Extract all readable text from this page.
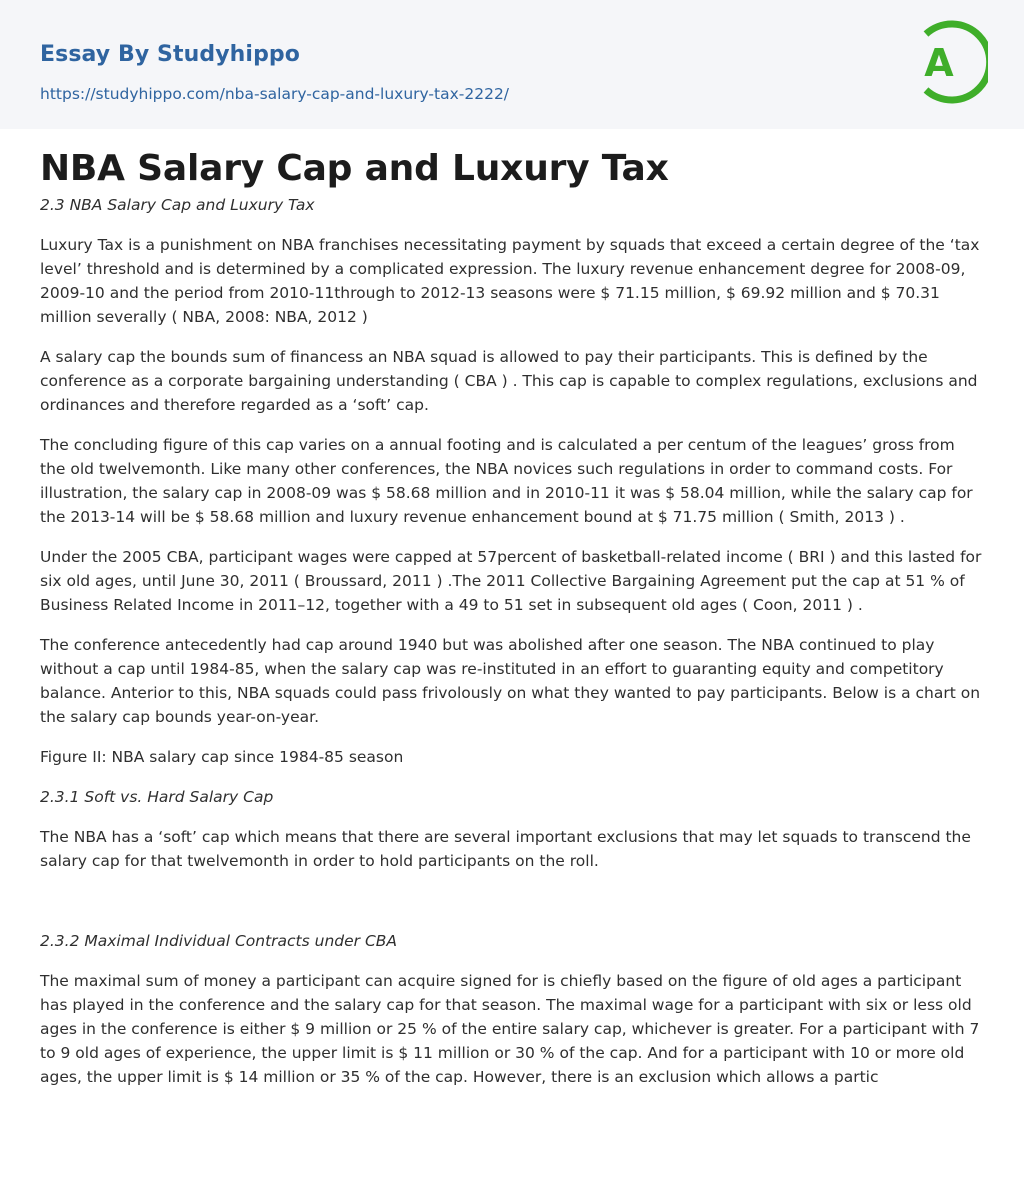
Essay By Studyhippo
https://studyhippo.com/nba-salary-cap-and-luxury-tax-2222/
A
NBA Salary Cap and Luxury Tax

2.3 NBA Salary Cap and Luxury Tax

Luxury Tax is a punishment on NBA franchises necessitating payment by squads that exceed a certain degree of the ‘tax level’ threshold and is determined by a complicated expression. The luxury revenue enhancement degree for 2008-09, 2009-10 and the period from 2010-11through to 2012-13 seasons were $ 71.15 million, $ 69.92 million and $ 70.31 million severally ( NBA, 2008: NBA, 2012 )

A salary cap the bounds sum of financess an NBA squad is allowed to pay their participants. This is defined by the conference as a corporate bargaining understanding ( CBA ) . This cap is capable to complex regulations, exclusions and ordinances and therefore regarded as a ‘soft’ cap.

The concluding figure of this cap varies on a annual footing and is calculated a per centum of the leagues’ gross from the old twelvemonth. Like many other conferences, the NBA novices such regulations in order to command costs. For illustration, the salary cap in 2008-09 was $ 58.68 million and in 2010-11 it was $ 58.04 million, while the salary cap for the 2013-14 will be $ 58.68 million and luxury revenue enhancement bound at $ 71.75 million ( Smith, 2013 ) .

Under the 2005 CBA, participant wages were capped at 57percent of basketball-related income ( BRI ) and this lasted for six old ages, until June 30, 2011 ( Broussard, 2011 ) .The 2011 Collective Bargaining Agreement put the cap at 51 % of Business Related Income in 2011–12, together with a 49 to 51 set in subsequent old ages ( Coon, 2011 ) .

The conference antecedently had cap around 1940 but was abolished after one season. The NBA continued to play without a cap until 1984-85, when the salary cap was re-instituted in an effort to guaranting equity and competitory balance. Anterior to this, NBA squads could pass frivolously on what they wanted to pay participants. Below is a chart on the salary cap bounds year-on-year.

Figure II: NBA salary cap since 1984-85 season

2.3.1 Soft vs. Hard Salary Cap

The NBA has a ‘soft’ cap which means that there are several important exclusions that may let squads to transcend the salary cap for that twelvemonth in order to hold participants on the roll.

2.3.2 Maximal Individual Contracts under CBA

The maximal sum of money a participant can acquire signed for is chiefly based on the figure of old ages a participant has played in the conference and the salary cap for that season. The maximal wage for a participant with six or less old ages in the conference is either $ 9 million or 25 % of the entire salary cap, whichever is greater. For a participant with 7 to 9 old ages of experience, the upper limit is $ 11 million or 30 % of the cap. And for a participant with 10 or more old ages, the upper limit is $ 14 million or 35 % of the cap. However, there is an exclusion which allows a partic
